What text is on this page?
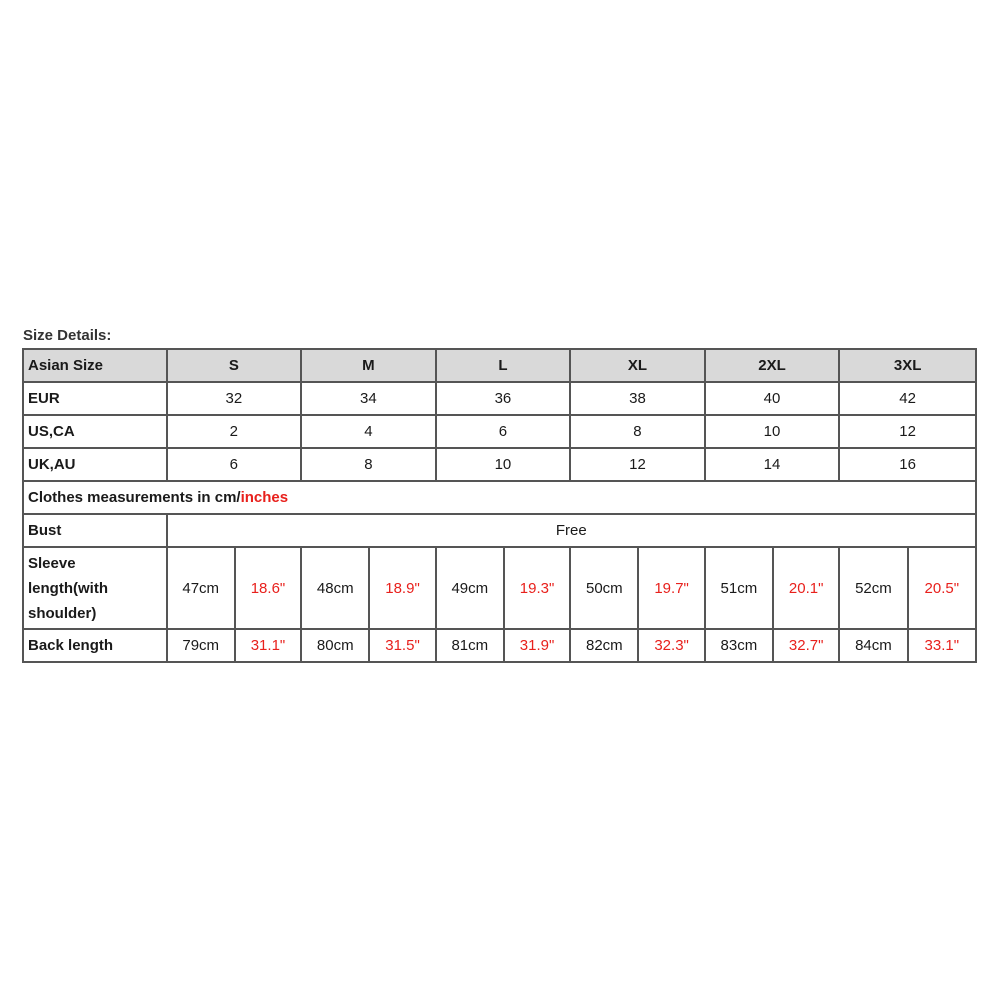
Size Details:
Asian Size	S		M		L		XL		2XL		3XL	
EUR	32		34		36		38		40		42	
US,CA	2		4		6		8		10		12	
UK,AU	6		8		10		12		14		16	
Clothes measurements in cm/inches												
Bust	Free											
Sleeve
length(with
shoulder)	47cm	18.6"	48cm	18.9"	49cm	19.3"	50cm	19.7"	51cm	20.1"	52cm	20.5"
Back length	79cm	31.1"	80cm	31.5"	81cm	31.9"	82cm	32.3"	83cm	32.7"	84cm	33.1"
